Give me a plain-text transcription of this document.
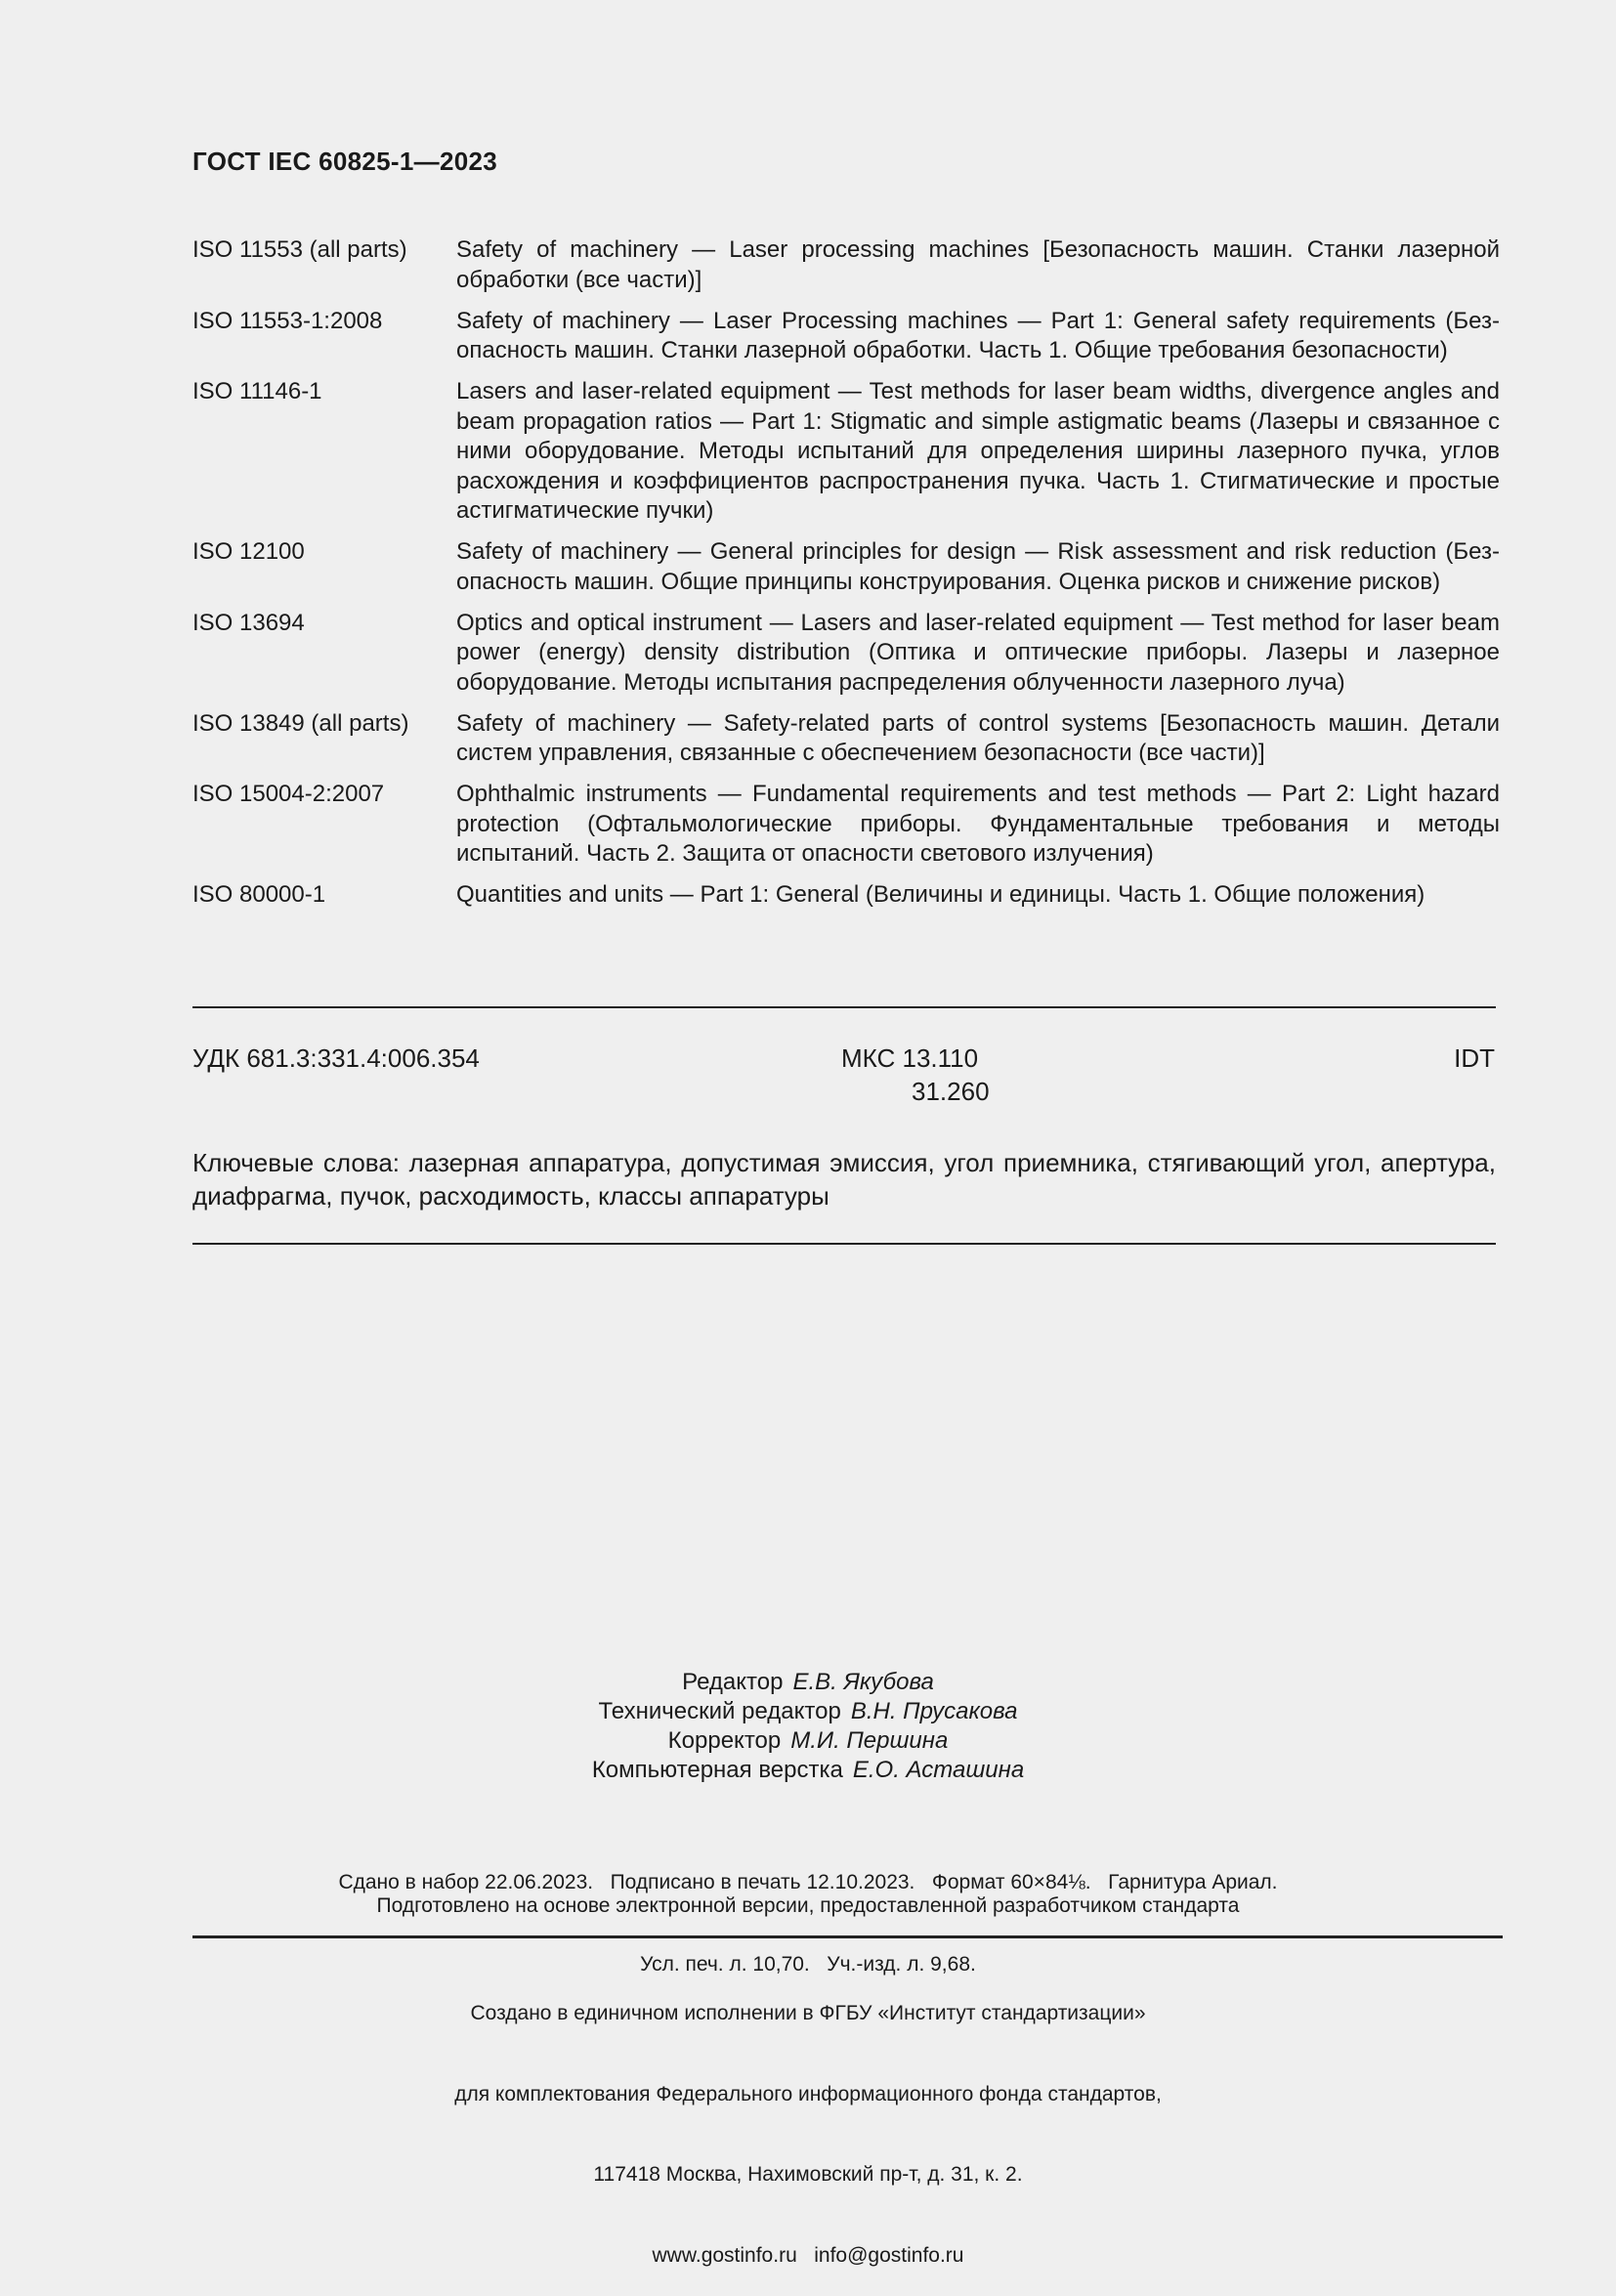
ГОСТ IEC 60825-1—2023
ISO 11553 (all parts)	Safety of machinery — Laser processing machines [Безопасность машин. Станки лазерной обработки (все части)]
ISO 11553-1:2008	Safety of machinery — Laser Processing machines — Part 1: General safety requirements (Безопасность машин. Станки лазерной обработки. Часть 1. Общие требования безопасности)
ISO 11146-1	Lasers and laser-related equipment — Test methods for laser beam widths, divergence angles and beam propagation ratios — Part 1: Stigmatic and simple astigmatic beams (Лазеры и связанное с ними оборудование. Методы испытаний для определения ширины лазерного пучка, углов расхождения и коэффициентов распространения пучка. Часть 1. Стигматические и простые астигматические пучки)
ISO 12100	Safety of machinery — General principles for design — Risk assessment and risk reduction (Безопасность машин. Общие принципы конструирования. Оценка рисков и снижение рисков)
ISO 13694	Optics and optical instrument — Lasers and laser-related equipment — Test method for laser beam power (energy) density distribution (Оптика и оптические приборы. Лазеры и лазерное оборудование. Методы испытания распределения облученности лазерного луча)
ISO 13849 (all parts)	Safety of machinery — Safety-related parts of control systems [Безопасность машин. Детали систем управления, связанные с обеспечением безопасности (все части)]
ISO 15004-2:2007	Ophthalmic instruments — Fundamental requirements and test methods — Part 2: Light hazard protection (Офтальмологические приборы. Фундаментальные требования и методы испытаний. Часть 2. Защита от опасности светового излучения)
ISO 80000-1	Quantities and units — Part 1: General (Величины и единицы. Часть 1. Общие положения)
УДК 681.3:331.4:006.354	МКС 13.110
31.260
IDT
Ключевые слова: лазерная аппаратура, допустимая эмиссия, угол приемника, стягивающий угол, апертура, диафрагма, пучок, расходимость, классы аппаратуры
Редактор Е.В. Якубова
Технический редактор В.Н. Прусакова
Корректор М.И. Першина
Компьютерная верстка Е.О. Асташина

Сдано в набор 22.06.2023.   Подписано в печать 12.10.2023.   Формат 60×84⅛.   Гарнитура Ариал.

Усл. печ. л. 10,70.   Уч.-изд. л. 9,68.

Подготовлено на основе электронной версии, предоставленной разработчиком стандарта

Создано в единичном исполнении в ФГБУ «Институт стандартизации»

для комплектования Федерального информационного фонда стандартов,

117418 Москва, Нахимовский пр-т, д. 31, к. 2.

www.gostinfo.ru   info@gostinfo.ru
